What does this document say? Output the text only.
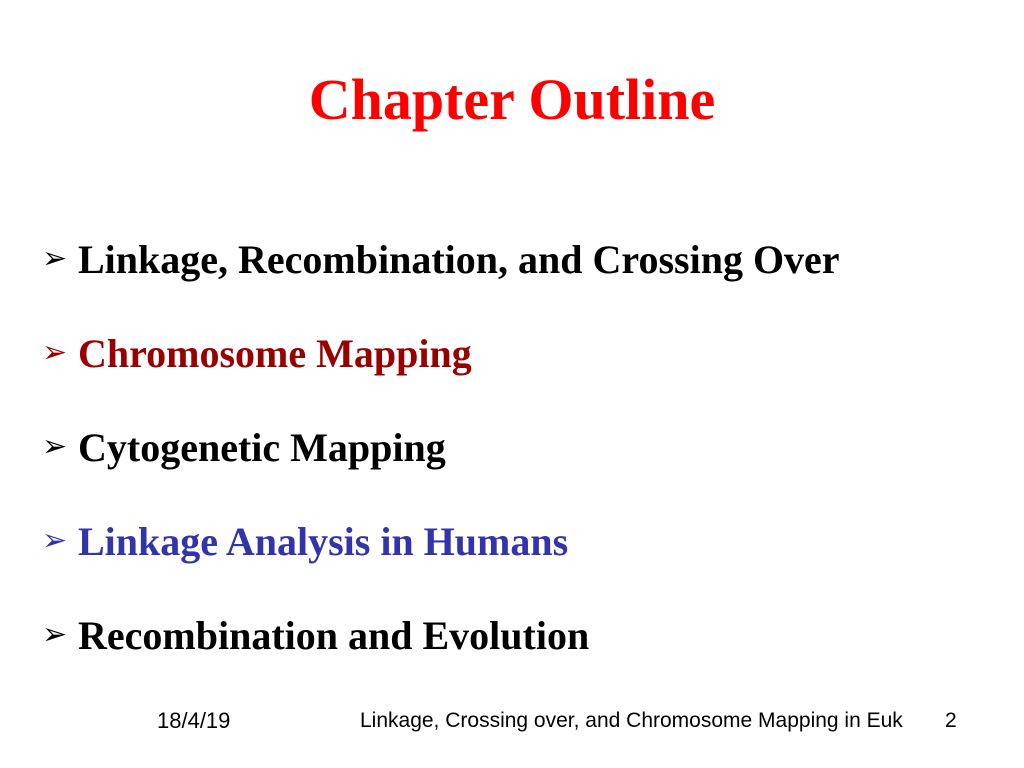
Chapter Outline
➢ Linkage, Recombination, and Crossing Over
➢ Chromosome Mapping
➢ Cytogenetic Mapping
➢ Linkage Analysis in Humans
➢ Recombination and Evolution
18/4/19	Linkage, Crossing over, and Chromosome Mapping in Euk 2
